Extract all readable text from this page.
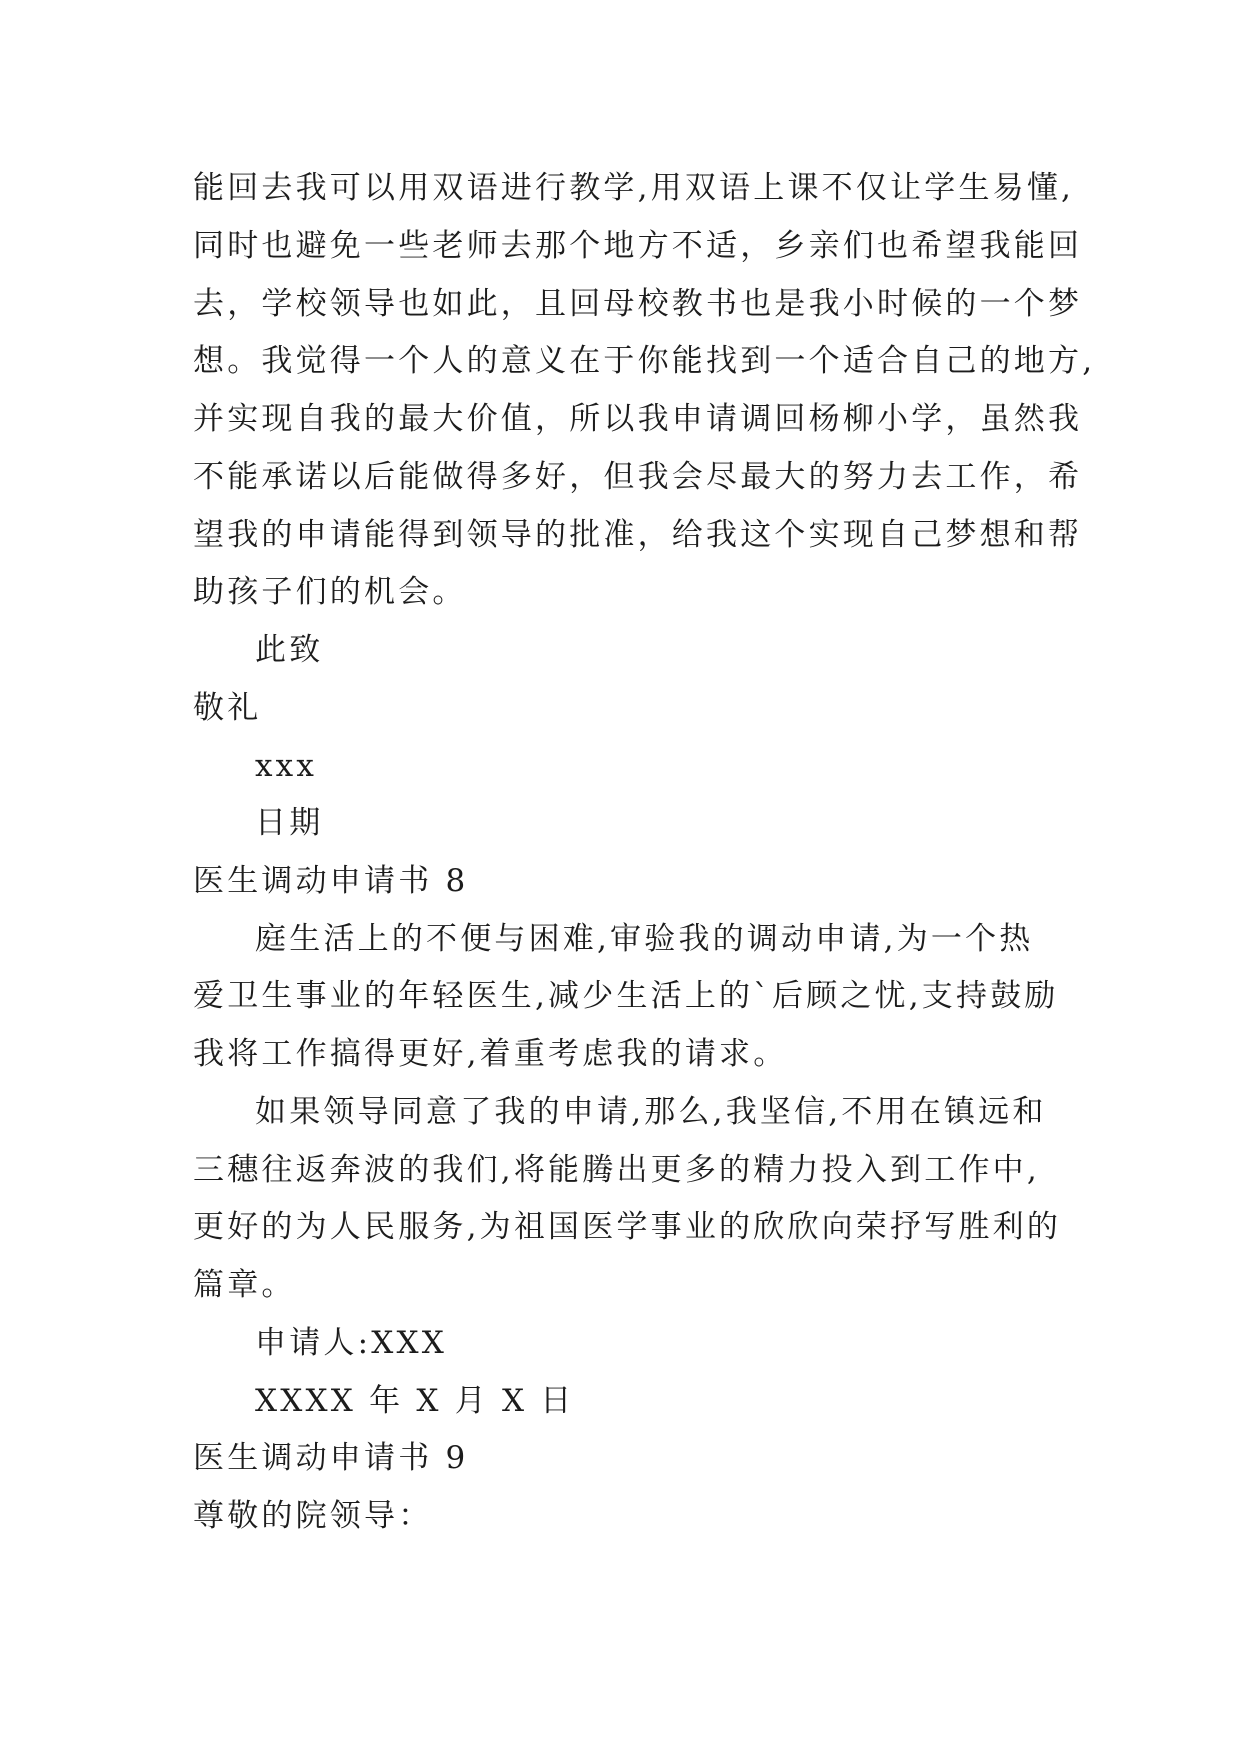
能回去我可以用双语进行教学,用双语上课不仅让学生易懂,

同时也避免一些老师去那个地方不适，乡亲们也希望我能回

去，学校领导也如此，且回母校教书也是我小时候的一个梦

想。我觉得一个人的意义在于你能找到一个适合自己的地方,

并实现自我的最大价值，所以我申请调回杨柳小学，虽然我

不能承诺以后能做得多好，但我会尽最大的努力去工作，希

望我的申请能得到领导的批准，给我这个实现自己梦想和帮

助孩子们的机会。

此致

敬礼

xxx

日期

医生调动申请书 8

庭生活上的不便与困难,审验我的调动申请,为一个热

爱卫生事业的年轻医生,减少生活上的`后顾之忧,支持鼓励

我将工作搞得更好,着重考虑我的请求。

如果领导同意了我的申请,那么,我坚信,不用在镇远和

三穗往返奔波的我们,将能腾出更多的精力投入到工作中,

更好的为人民服务,为祖国医学事业的欣欣向荣抒写胜利的

篇章。

申请人:XXX

XXXX 年 X 月 X 日

医生调动申请书 9

尊敬的院领导：
